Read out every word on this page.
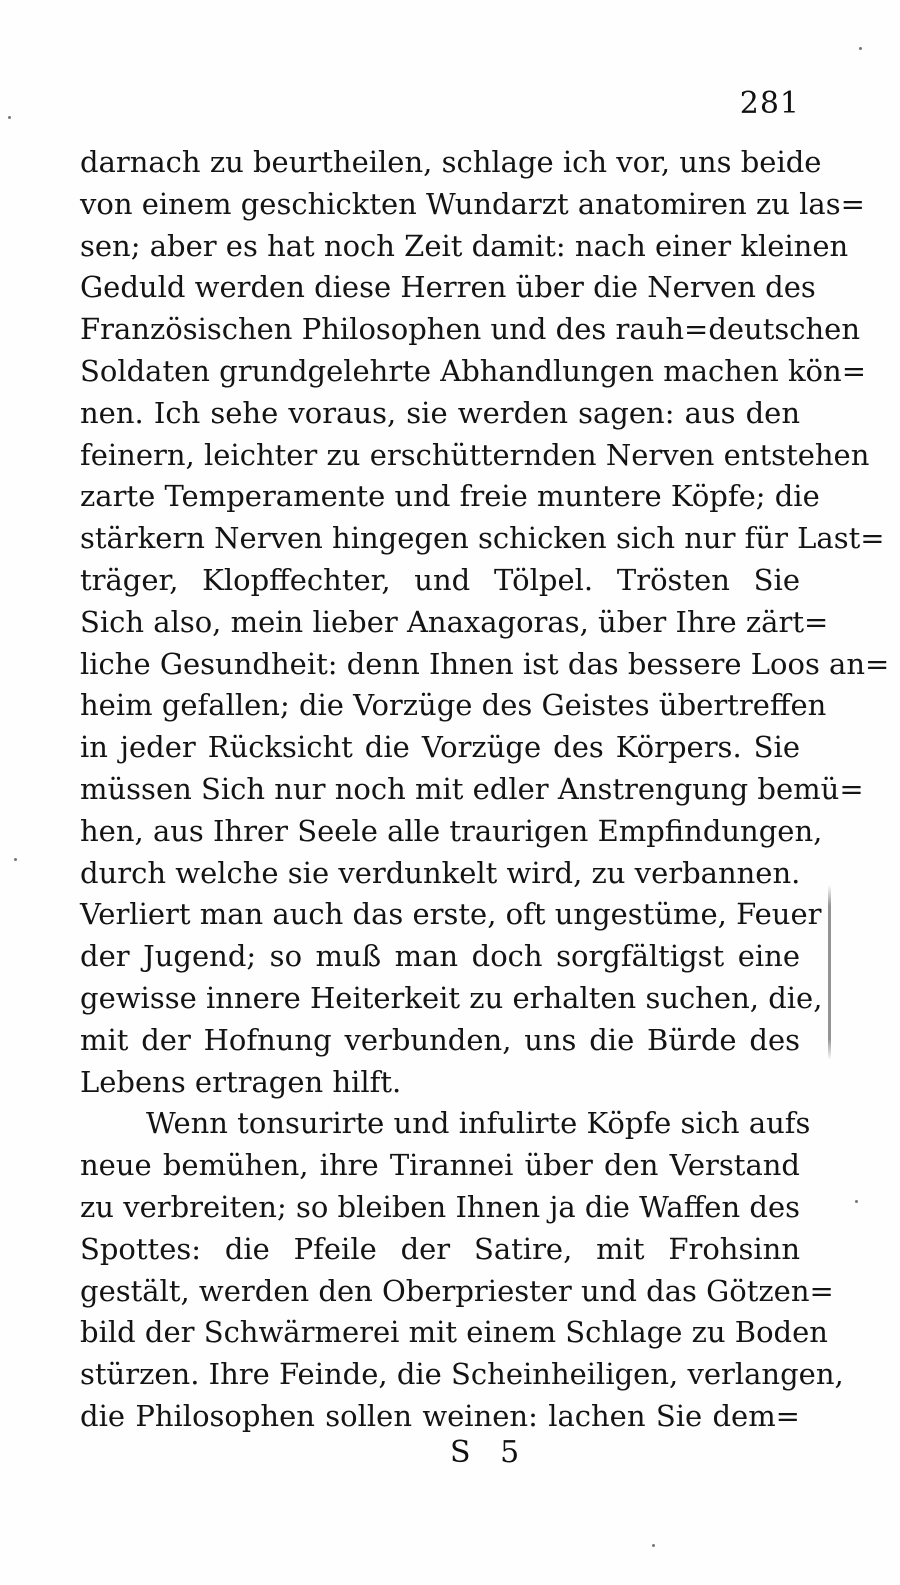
281
darnach zu beurtheilen, schlage ich vor, uns beide
von einem geschickten Wundarzt anatomiren zu las=
sen; aber es hat noch Zeit damit: nach einer kleinen
Geduld werden diese Herren über die Nerven des
Französischen Philosophen und des rauh=deutschen
Soldaten grundgelehrte Abhandlungen machen kön=
nen. Ich sehe voraus, sie werden sagen: aus den
feinern, leichter zu erschütternden Nerven entstehen
zarte Temperamente und freie muntere Köpfe; die
stärkern Nerven hingegen schicken sich nur für Last=
träger, Klopffechter, und Tölpel. Trösten Sie
Sich also, mein lieber Anaxagoras, über Ihre zärt=
liche Gesundheit: denn Ihnen ist das bessere Loos an=
heim gefallen; die Vorzüge des Geistes übertreffen
in jeder Rücksicht die Vorzüge des Körpers. Sie
müssen Sich nur noch mit edler Anstrengung bemü=
hen, aus Ihrer Seele alle traurigen Empfindungen,
durch welche sie verdunkelt wird, zu verbannen.
Verliert man auch das erste, oft ungestüme, Feuer
der Jugend; so muß man doch sorgfältigst eine
gewisse innere Heiterkeit zu erhalten suchen, die,
mit der Hofnung verbunden, uns die Bürde des
Lebens ertragen hilft.
Wenn tonsurirte und infulirte Köpfe sich aufs
neue bemühen, ihre Tirannei über den Verstand
zu verbreiten; so bleiben Ihnen ja die Waffen des
Spottes: die Pfeile der Satire, mit Frohsinn
gestält, werden den Oberpriester und das Götzen=
bild der Schwärmerei mit einem Schlage zu Boden
stürzen. Ihre Feinde, die Scheinheiligen, verlangen,
die Philosophen sollen weinen: lachen Sie dem=
S 5
